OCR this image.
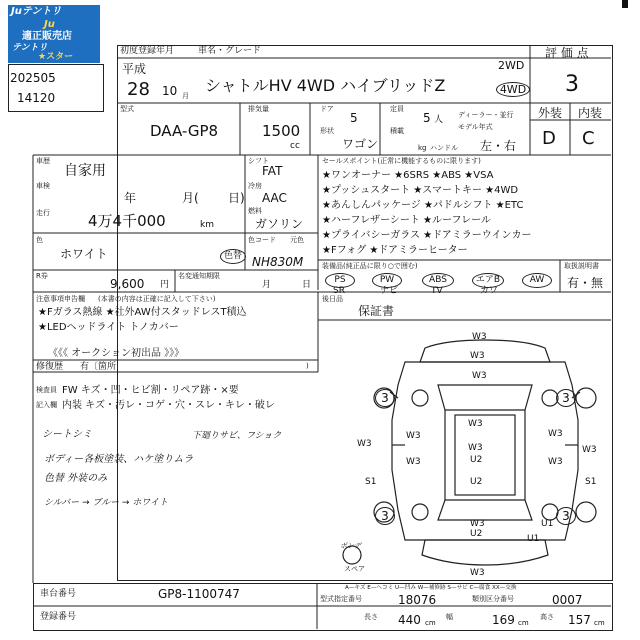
Juテントリ
Ju
適正販売店
テントリ
★スター
202505
14120
初度登録年月	車名・グレード
平成
28 10 月
シャトルHV 4WD ハイブリッドZ
2WD
4WD
型式
DAA-GP8
排気量
1500
cc
ドア
5
定員
5 人
形状
ワゴン
積載
kg
ディーラー・並行
モデル年式
ハンドル 左・右
評 価 点
3
外装 内装
D C
車歴
自家用
車検
年	月( 日)
走行	4万4千000	km
シフト
FAT
冷房
AAC
燃料
ガソリン
色
ホワイト	色替
色コード 元色
NH830M
R券
9,600 円
名変通知期限
月	日
セールスポイント(正常に機能するものに限ります)
★ワンオーナー ★6SRS ★ABS ★VSA
★プッシュスタート ★スマートキー ★4WD
★あんしんパッケージ ★パドルシフト ★ETC
★ハーフレザーシート ★ルーフレール
★プライバシーガラス ★ドアミラーウインカー
★Fフォグ ★ドアミラーヒーター
装備品(純正品に限り○で囲む)
PS	PW	ABS	エアB	AW
SR	ナビ	TV	カワ
取扱説明書
有・無
注意事項申告欄 (本書の内容は正確に記入して下さい)
★Fガラス熱線 ★社外AW付スタッドレスT積込
★LEDヘッドライト トノカバー
《《《 オークション初出品 》》》
修復歴 有〔箇所	)
後日品
保証書
検査員 FW キズ・凹・ヒビ割・リペア跡・×要
記入欄 内装 キズ・汚レ・コゲ・穴・スレ・キレ・破レ
シートシミ	下廻りサビ、フショク
ボディー各板塗装、ハケ塗りムラ
色替 外装のみ
シルバー → ブルー → ホワイト
W3
W3
W3
W3
W3
U2
W3
U2
W3
W3
W3
W3
W3
W3
U1
W3
U2
S1	S1
U1
3	3
3	3
ボンデ
スペア
A—キズ E—ヘコミ U—凹み W—補修跡 S—サビ C—腐食 XX—交換
車台番号	GP8-1100747
登録番号
型式指定番号	18076	類別区分番号	0007
長さ 440 cm
幅	169 cm
高さ 157 cm
